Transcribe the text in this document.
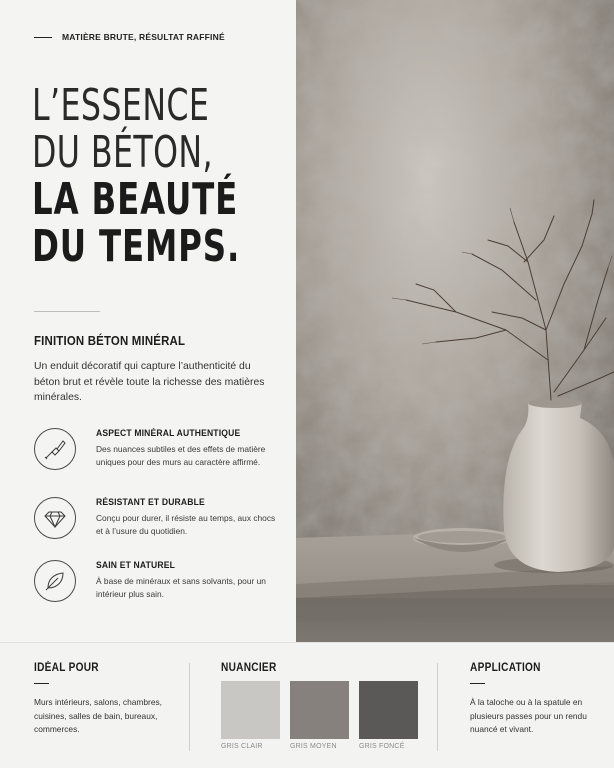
MATIÈRE BRUTE, RÉSULTAT RAFFINÉ
L’ESSENCE
DU BÉTON,
LA BEAUTÉ
DU TEMPS.
FINITION BÉTON MINÉRAL
Un enduit décoratif qui capture l’authenticité du béton brut et révèle toute la richesse des matières minérales.
ASPECT MINÉRAL AUTHENTIQUE
Des nuances subtiles et des effets de matière uniques pour des murs au caractère affirmé.
RÉSISTANT ET DURABLE
Conçu pour durer, il résiste au temps, aux chocs et à l’usure du quotidien.
SAIN ET NATUREL
À base de minéraux et sans solvants, pour un intérieur plus sain.
IDÉAL POUR
Murs intérieurs, salons, chambres, cuisines, salles de bain, bureaux, commerces.
NUANCIER
GRIS CLAIR	GRIS MOYEN	GRIS FONCÉ
APPLICATION
À la taloche ou à la spatule en plusieurs passes pour un rendu nuancé et vivant.
